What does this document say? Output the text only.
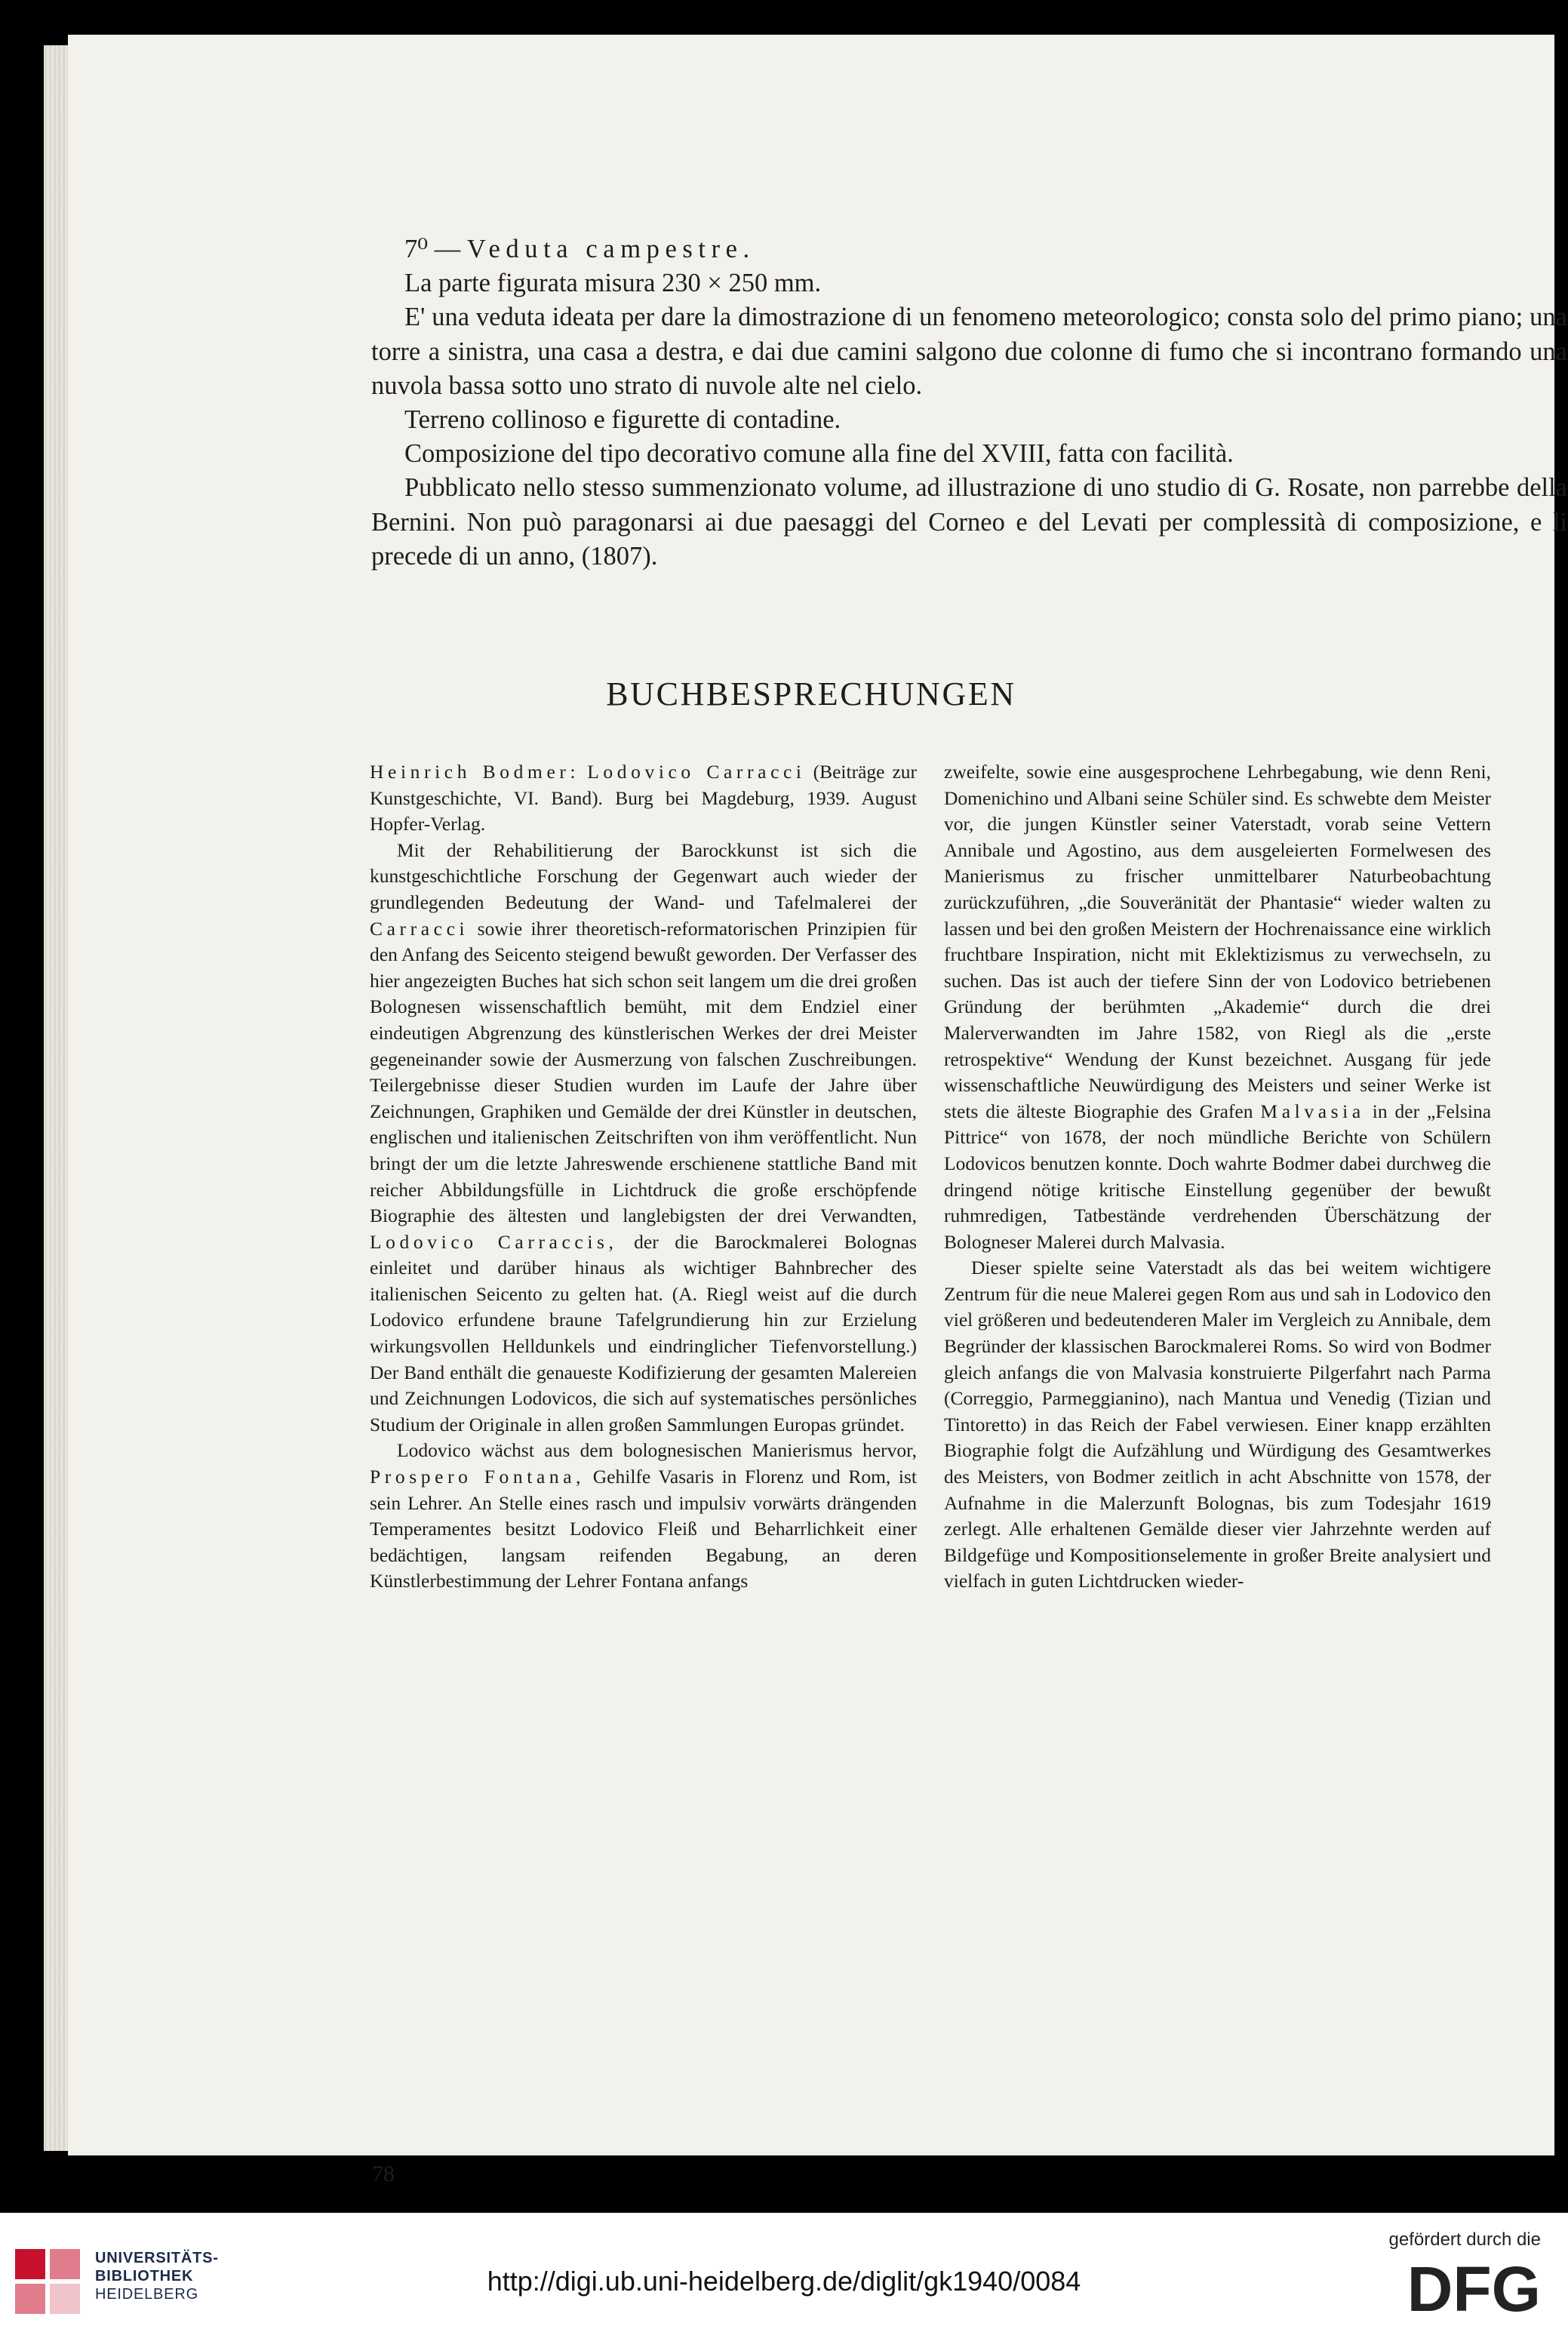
7⁰ — Veduta campestre.

La parte figurata misura 230 × 250 mm.

E' una veduta ideata per dare la dimostrazione di un fenomeno meteorologico; consta solo del primo piano; una torre a sinistra, una casa a destra, e dai due camini salgono due colonne di fumo che si incontrano formando una nuvola bassa sotto uno strato di nuvole alte nel cielo.

Terreno collinoso e figurette di contadine.

Composizione del tipo decorativo comune alla fine del XVIII, fatta con facilità.

Pubblicato nello stesso summenzionato volume, ad illustrazione di uno studio di G. Rosate, non parrebbe della Bernini. Non può paragonarsi ai due paesaggi del Corneo e del Levati per complessità di composizione, e li precede di un anno, (1807).

BUCHBESPRECHUNGEN

Heinrich Bodmer: Lodovico Carracci (Beiträge zur Kunstgeschichte, VI. Band). Burg bei Magdeburg, 1939. August Hopfer-Verlag.

Mit der Rehabilitierung der Barockkunst ist sich die kunstgeschichtliche Forschung der Gegenwart auch wieder der grundlegenden Bedeutung der Wand- und Tafelmalerei der Carracci sowie ihrer theoretisch-reformatorischen Prinzipien für den Anfang des Seicento steigend bewußt geworden. Der Verfasser des hier angezeigten Buches hat sich schon seit langem um die drei großen Bolognesen wissenschaftlich bemüht, mit dem Endziel einer eindeutigen Abgrenzung des künstlerischen Werkes der drei Meister gegeneinander sowie der Ausmerzung von falschen Zuschreibungen. Teilergebnisse dieser Studien wurden im Laufe der Jahre über Zeichnungen, Graphiken und Gemälde der drei Künstler in deutschen, englischen und italienischen Zeitschriften von ihm veröffentlicht. Nun bringt der um die letzte Jahreswende erschienene stattliche Band mit reicher Abbildungsfülle in Lichtdruck die große erschöpfende Biographie des ältesten und langlebigsten der drei Verwandten, Lodovico Carraccis, der die Barockmalerei Bolognas einleitet und darüber hinaus als wichtiger Bahnbrecher des italienischen Seicento zu gelten hat. (A. Riegl weist auf die durch Lodovico erfundene braune Tafelgrundierung hin zur Erzielung wirkungsvollen Helldunkels und eindringlicher Tiefenvorstellung.) Der Band enthält die genaueste Kodifizierung der gesamten Malereien und Zeichnungen Lodovicos, die sich auf systematisches persönliches Studium der Originale in allen großen Sammlungen Europas gründet.

Lodovico wächst aus dem bolognesischen Manierismus hervor, Prospero Fontana, Gehilfe Vasaris in Florenz und Rom, ist sein Lehrer. An Stelle eines rasch und impulsiv vorwärts drängenden Temperamentes besitzt Lodovico Fleiß und Beharrlichkeit einer bedächtigen, langsam reifenden Begabung, an deren Künstlerbestimmung der Lehrer Fontana anfangs

zweifelte, sowie eine ausgesprochene Lehrbegabung, wie denn Reni, Domenichino und Albani seine Schüler sind. Es schwebte dem Meister vor, die jungen Künstler seiner Vaterstadt, vorab seine Vettern Annibale und Agostino, aus dem ausgeleierten Formelwesen des Manierismus zu frischer unmittelbarer Naturbeobachtung zurückzuführen, „die Souveränität der Phantasie“ wieder walten zu lassen und bei den großen Meistern der Hochrenaissance eine wirklich fruchtbare Inspiration, nicht mit Eklektizismus zu verwechseln, zu suchen. Das ist auch der tiefere Sinn der von Lodovico betriebenen Gründung der berühmten „Akademie“ durch die drei Malerverwandten im Jahre 1582, von Riegl als die „erste retrospektive“ Wendung der Kunst bezeichnet. Ausgang für jede wissenschaftliche Neuwürdigung des Meisters und seiner Werke ist stets die älteste Biographie des Grafen Malvasia in der „Felsina Pittrice“ von 1678, der noch mündliche Berichte von Schülern Lodovicos benutzen konnte. Doch wahrte Bodmer dabei durchweg die dringend nötige kritische Einstellung gegenüber der bewußt ruhmredigen, Tatbestände verdrehenden Überschätzung der Bologneser Malerei durch Malvasia.

Dieser spielte seine Vaterstadt als das bei weitem wichtigere Zentrum für die neue Malerei gegen Rom aus und sah in Lodovico den viel größeren und bedeutenderen Maler im Vergleich zu Annibale, dem Begründer der klassischen Barockmalerei Roms. So wird von Bodmer gleich anfangs die von Malvasia konstruierte Pilgerfahrt nach Parma (Correggio, Parmeggianino), nach Mantua und Venedig (Tizian und Tintoretto) in das Reich der Fabel verwiesen. Einer knapp erzählten Biographie folgt die Aufzählung und Würdigung des Gesamtwerkes des Meisters, von Bodmer zeitlich in acht Abschnitte von 1578, der Aufnahme in die Malerzunft Bolognas, bis zum Todesjahr 1619 zerlegt. Alle erhaltenen Gemälde dieser vier Jahrzehnte werden auf Bildgefüge und Kompositionselemente in großer Breite analysiert und vielfach in guten Lichtdrucken wieder-

78
UNIVERSITÄTS-
BIBLIOTHEK
HEIDELBERG	http://digi.ub.uni-heidelberg.de/diglit/gk1940/0084
gefördert durch die
DFG
